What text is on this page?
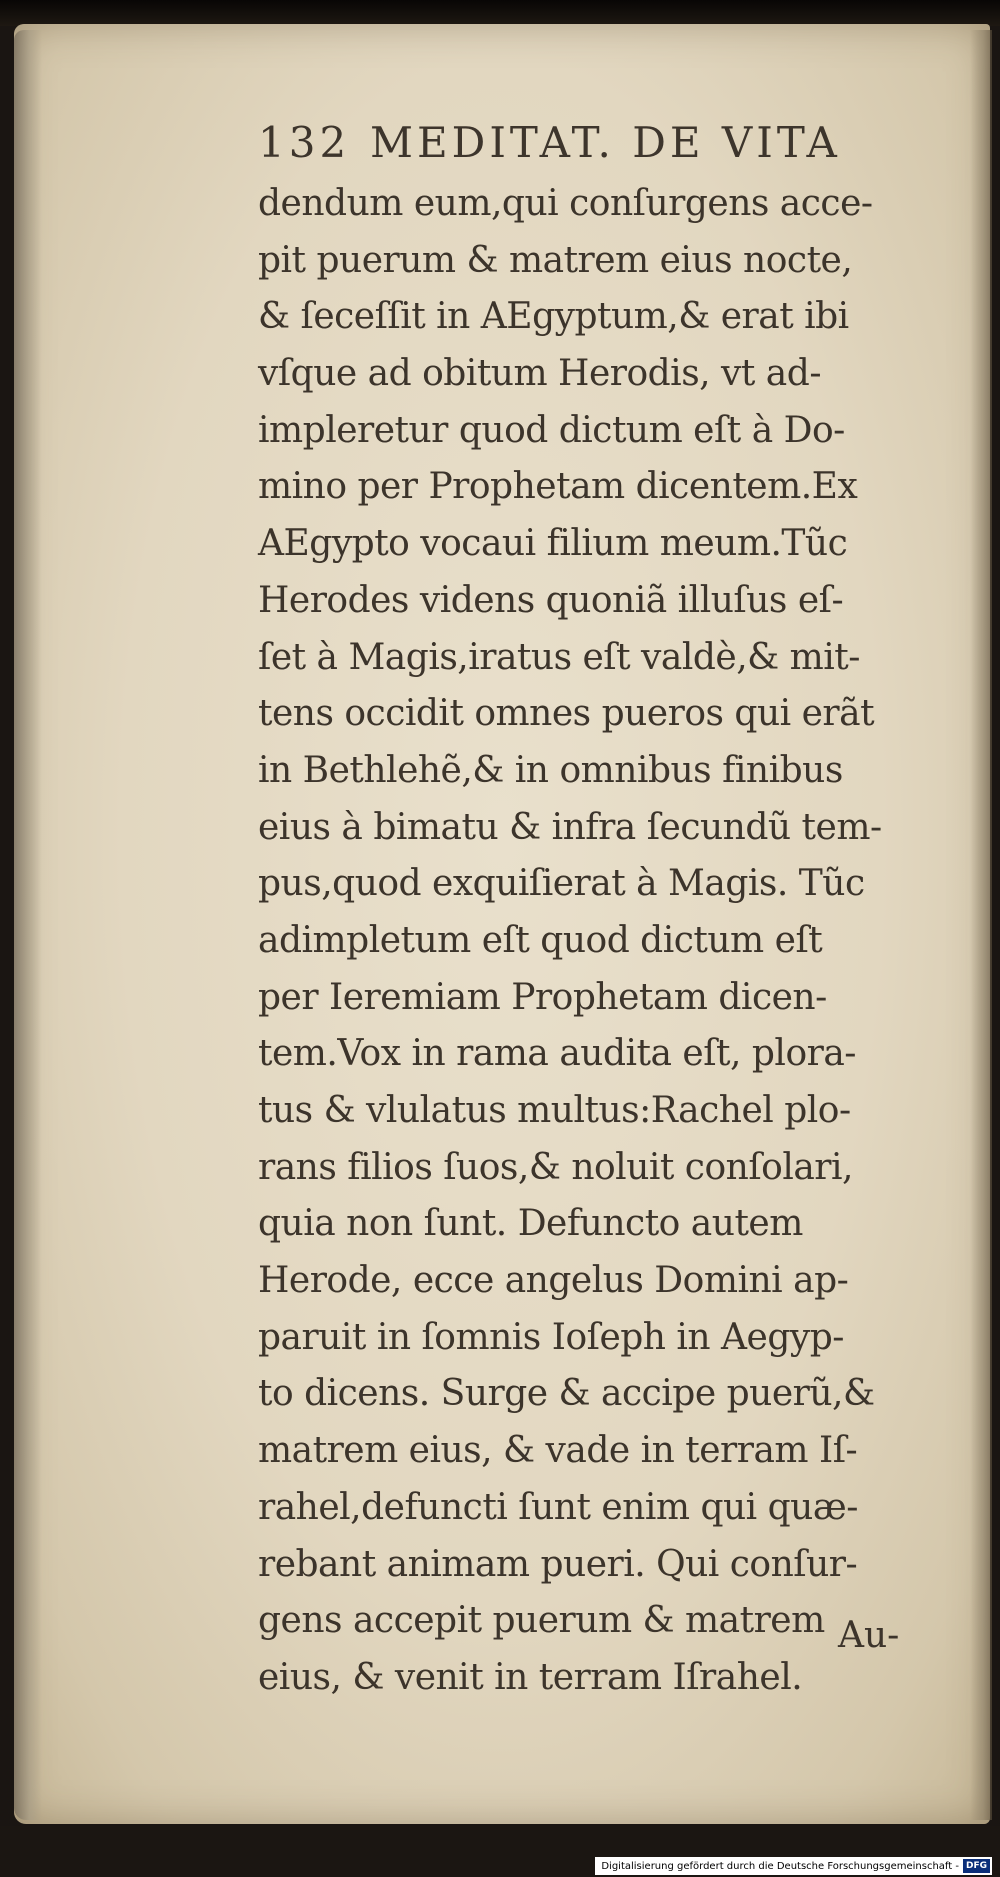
132 MEDITAT. DE VITA
dendum eum,qui conſurgens acce-
pit puerum & matrem eius nocte,
& ſeceſſit in AEgyptum,& erat ibi
vſque ad obitum Herodis, vt ad-
impleretur quod dictum eſt à Do-
mino per Prophetam dicentem.Ex
AEgypto vocaui filium meum.Tũc
Herodes videns quoniã illuſus eſ-
ſet à Magis,iratus eſt valdè,& mit-
tens occidit omnes pueros qui erãt
in Bethlehẽ,& in omnibus finibus
eius à bimatu & infra ſecundũ tem-
pus,quod exquiſierat à Magis. Tũc
adimpletum eſt quod dictum eſt
per Ieremiam Prophetam dicen-
tem.Vox in rama audita eſt, plora-
tus & vlulatus multus:Rachel plo-
rans filios ſuos,& noluit conſolari,
quia non ſunt. Defuncto autem
Herode, ecce angelus Domini ap-
paruit in ſomnis Ioſeph in Aegyp-
to dicens. Surge & accipe puerũ,&
matrem eius, & vade in terram Iſ-
rahel,defuncti ſunt enim qui quæ-
rebant animam pueri. Qui conſur-
gens accepit puerum & matrem
eius, & venit in terram Iſrahel.
Au-
Digitalisierung gefördert durch die Deutsche Forschungsgemeinschaft - DFG
